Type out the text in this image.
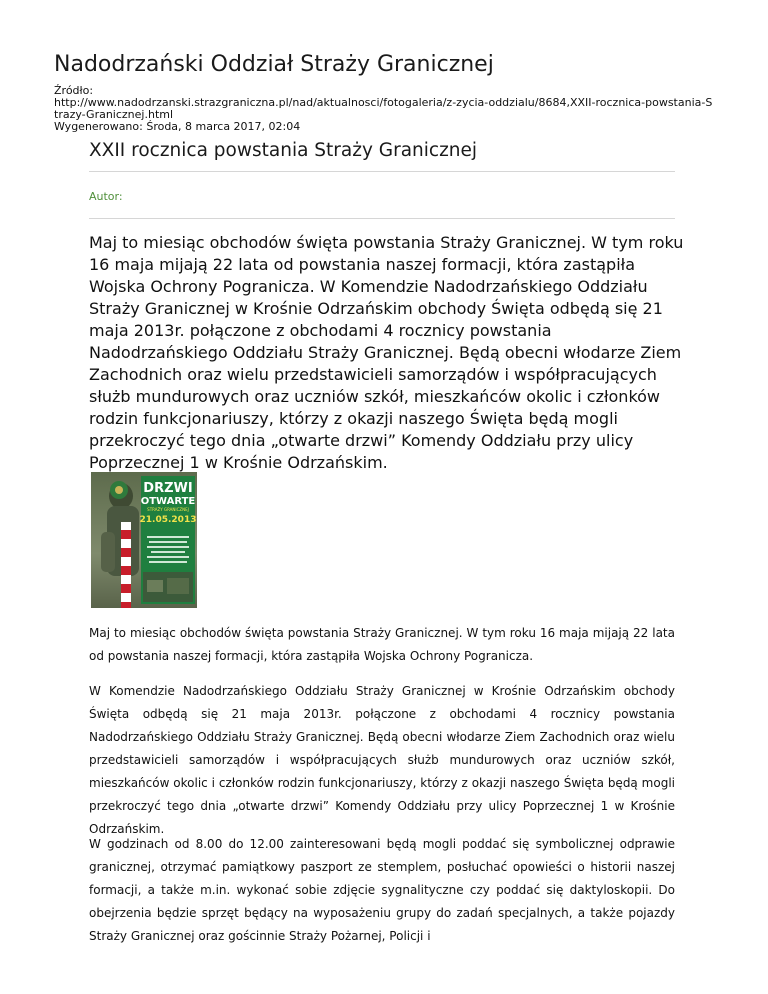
Nadodrzański Oddział Straży Granicznej
Źródło:
http://www.nadodrzanski.strazgraniczna.pl/nad/aktualnosci/fotogaleria/z-zycia-oddzialu/8684,XXII-rocznica-powstania-Strazy-Granicznej.html
Wygenerowano: Środa, 8 marca 2017, 02:04
XXII rocznica powstania Straży Granicznej
Autor:

Maj to miesiąc obchodów święta powstania Straży Granicznej. W tym roku 16 maja mijają 22 lata od powstania naszej formacji, która zastąpiła Wojska Ochrony Pogranicza. W Komendzie Nadodrzańskiego Oddziału Straży Granicznej w Krośnie Odrzańskim obchody Święta odbędą się 21 maja 2013r. połączone z obchodami 4 rocznicy powstania Nadodrzańskiego Oddziału Straży Granicznej. Będą obecni włodarze Ziem Zachodnich oraz wielu przedstawicieli samorządów i współpracujących służb mundurowych oraz uczniów szkół, mieszkańców okolic i członków rodzin funkcjonariuszy, którzy z okazji naszego Święta będą mogli przekroczyć tego dnia „otwarte drzwi” Komendy Oddziału przy ulicy Poprzecznej 1 w Krośnie Odrzańskim.

DRZWI
OTWARTE
STRAŻY GRANICZNEJ
21.05.2013

Maj to miesiąc obchodów święta powstania Straży Granicznej. W tym roku 16 maja mijają 22 lata od powstania naszej formacji, która zastąpiła Wojska Ochrony Pogranicza.

W Komendzie Nadodrzańskiego Oddziału Straży Granicznej w Krośnie Odrzańskim obchody Święta odbędą się 21 maja 2013r. połączone z obchodami 4 rocznicy powstania Nadodrzańskiego Oddziału Straży Granicznej. Będą obecni włodarze Ziem Zachodnich oraz wielu przedstawicieli samorządów i współpracujących służb mundurowych oraz uczniów szkół, mieszkańców okolic i członków rodzin funkcjonariuszy, którzy z okazji naszego Święta będą mogli przekroczyć tego dnia „otwarte drzwi” Komendy Oddziału przy ulicy Poprzecznej 1 w Krośnie Odrzańskim.

W godzinach od 8.00 do 12.00 zainteresowani będą mogli poddać się symbolicznej odprawie granicznej, otrzymać pamiątkowy paszport ze stemplem, posłuchać opowieści o historii naszej formacji, a także m.in. wykonać sobie zdjęcie sygnalityczne czy poddać się daktyloskopii. Do obejrzenia będzie sprzęt będący na wyposażeniu grupy do zadań specjalnych, a także pojazdy Straży Granicznej oraz gościnnie Straży Pożarnej, Policji i
